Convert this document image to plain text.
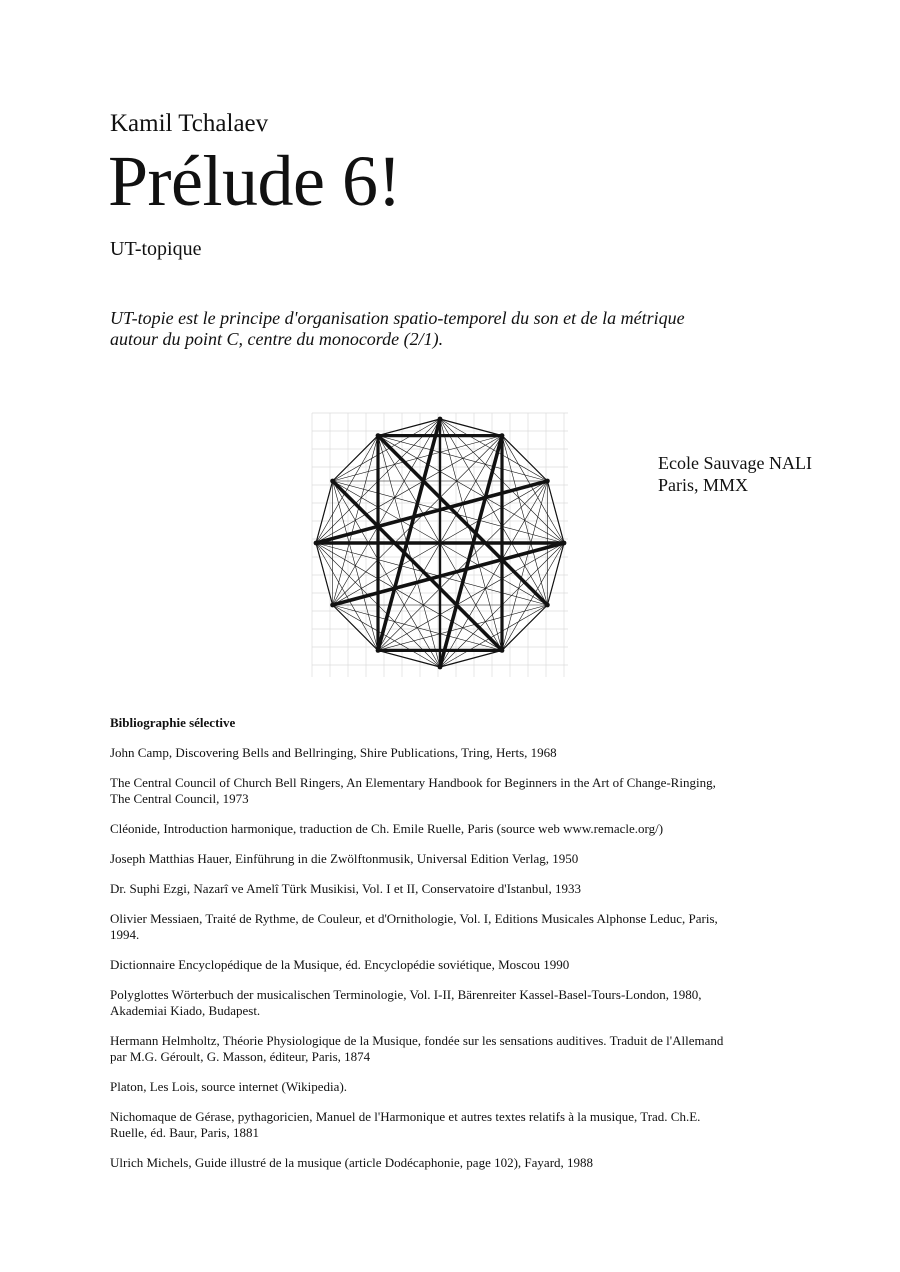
Kamil Tchalaev
Prélude 6!
UT-topique
UT-topie est le principe d'organisation spatio-temporel du son et de la métrique
autour du point C, centre du monocorde (2/1).
Ecole Sauvage NALI
Paris, MMX
Bibliographie sélective
John Camp, Discovering Bells and Bellringing, Shire Publications, Tring, Herts, 1968
The Central Council of Church Bell Ringers, An Elementary Handbook for Beginners in the Art of Change-Ringing, The Central Council, 1973
Cléonide, Introduction harmonique, traduction de Ch. Emile Ruelle, Paris (source web www.remacle.org/)
Joseph Matthias Hauer, Einführung in die Zwölftonmusik, Universal Edition Verlag, 1950
Dr. Suphi Ezgi, Nazarî ve Amelî Türk Musikisi, Vol. I et II, Conservatoire d'Istanbul, 1933
Olivier Messiaen, Traité de Rythme, de Couleur, et d'Ornithologie, Vol. I, Editions Musicales Alphonse Leduc, Paris, 1994.
Dictionnaire Encyclopédique de la Musique, éd. Encyclopédie soviétique, Moscou 1990
Polyglottes Wörterbuch der musicalischen Terminologie, Vol. I-II, Bärenreiter Kassel-Basel-Tours-London, 1980, Akademiai Kiado, Budapest.
Hermann Helmholtz, Théorie Physiologique de la Musique, fondée sur les sensations auditives. Traduit de l'Allemand par M.G. Géroult, G. Masson, éditeur, Paris, 1874
Platon, Les Lois, source internet (Wikipedia).
Nichomaque de Gérase, pythagoricien, Manuel de l'Harmonique et autres textes relatifs à la musique, Trad. Ch.E. Ruelle, éd. Baur, Paris, 1881
Ulrich Michels, Guide illustré de la musique (article Dodécaphonie, page 102), Fayard, 1988
